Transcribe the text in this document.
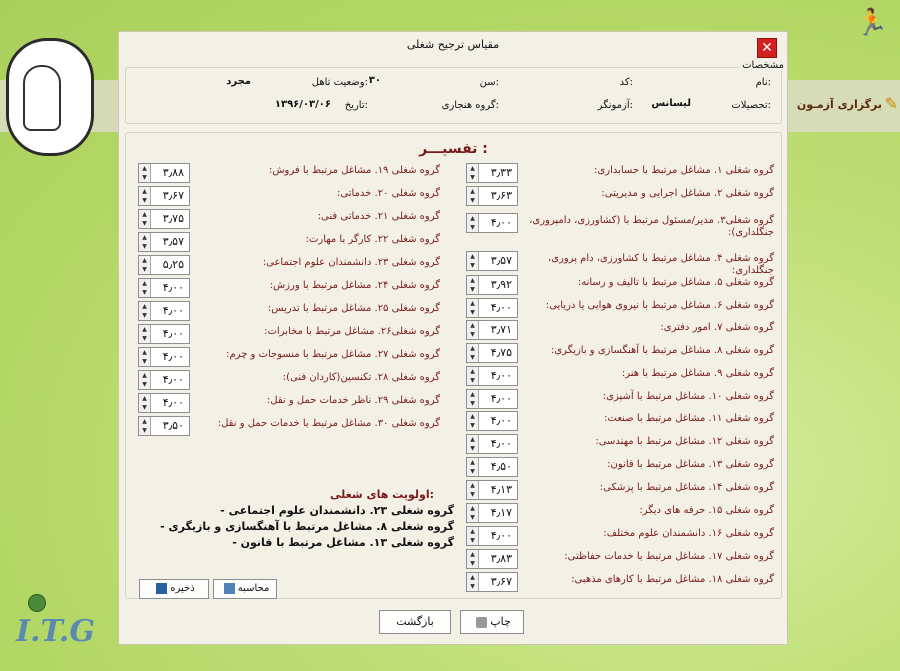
🏃
✎
برگزاری آزمـون
I.T.G
مقیاس ترجیح شغلی	✕
مشخصات
نام:
کد:
سن:
۳۰
وضعیت تاهل:
مجرد
تحصیلات:
لیسانس
آزمونگر:
گروه هنجاری:
تاریخ:
۱۳۹۶/۰۳/۰۶
تفسیـــر :
گروه شغلی ۱. مشاغل مرتبط با حسابداری:
▲
▼ ۳٫۳۳
گروه شغلی ۲. مشاغل اجرایی و مدیریتی:
▲
▼ ۳٫۶۳
گروه شغلی۳. مدیر/مسئول مرتبط با (کشاورزی، دامپروری، جنگلداری):
▲
▼ ۴٫۰۰
گروه شغلی ۴. مشاغل مرتبط با کشاورزی، دام پروری، جنگلداری:
▲
▼ ۳٫۵۷
گروه شغلی ۵. مشاغل مرتبط با تالیف و رسانه:
▲
▼ ۳٫۹۲
گروه شغلی ۶. مشاغل مرتبط با نیروی هوایی یا دریایی:
▲
▼ ۴٫۰۰
گروه شغلی ۷. امور دفتری:
▲
▼ ۳٫۷۱
گروه شغلی ۸. مشاغل مرتبط با آهنگسازی و بازیگری:
▲
▼ ۴٫۷۵
گروه شغلی ۹. مشاغل مرتبط با هنر:
▲
▼ ۴٫۰۰
گروه شغلی ۱۰. مشاغل مرتبط با آشپزی:
▲
▼ ۴٫۰۰
گروه شغلی ۱۱. مشاغل مرتبط با صنعت:
▲
▼ ۴٫۰۰
گروه شغلی ۱۲. مشاغل مرتبط با مهندسی:
▲
▼ ۴٫۰۰
گروه شغلی ۱۳. مشاغل مرتبط با قانون:
▲
▼ ۴٫۵۰
گروه شغلی ۱۴. مشاغل مرتبط با پزشکی:
▲
▼ ۴٫۱۳
گروه شغلی ۱۵. حرفه های دیگر:
▲
▼ ۴٫۱۷
گروه شغلی ۱۶. دانشمندان علوم مختلف:
▲
▼ ۴٫۰۰
گروه شغلی ۱۷. مشاغل مرتبط با خدمات حفاظتی:
▲
▼ ۳٫۸۳
گروه شغلی ۱۸. مشاغل مرتبط با کارهای مذهبی:
▲
▼ ۳٫۶۷
گروه شغلی ۱۹. مشاغل مرتبط با فروش:
▲
▼ ۳٫۸۸
گروه شغلی ۲۰. خدماتی:
▲
▼ ۳٫۶۷
گروه شغلی ۲۱. خدماتی فنی:
▲
▼ ۳٫۷۵
گروه شغلی ۲۲. کارگر با مهارت:
▲
▼ ۳٫۵۷
گروه شغلی ۲۳. دانشمندان علوم اجتماعی:
▲
▼ ۵٫۲۵
گروه شغلی ۲۴. مشاغل مرتبط با ورزش:
▲
▼ ۴٫۰۰
گروه شغلی ۲۵. مشاغل مرتبط با تدریس:
▲
▼ ۴٫۰۰
گروه شغلی۲۶. مشاغل مرتبط با مخابرات:
▲
▼ ۴٫۰۰
گروه شغلی ۲۷. مشاغل مرتبط با منسوجات و چرم:
▲
▼ ۴٫۰۰
گروه شغلی ۲۸. تکنسین(کاردان فنی):
▲
▼ ۴٫۰۰
گروه شغلی ۲۹. ناظر خدمات حمل و نقل:
▲
▼ ۴٫۰۰
گروه شغلی ۳۰. مشاغل مرتبط با خدمات حمل و نقل:
▲
▼ ۳٫۵۰
اولویت های شغلی:
- گروه شغلی ۲۳. دانشمندان علوم اجتماعی
- گروه شغلی ۸. مشاغل مرتبط با آهنگسازی و بازیگری
- گروه شغلی ۱۳. مشاغل مرتبط با قانون
محاسبه
ذخیره
چاپ
بازگشت
